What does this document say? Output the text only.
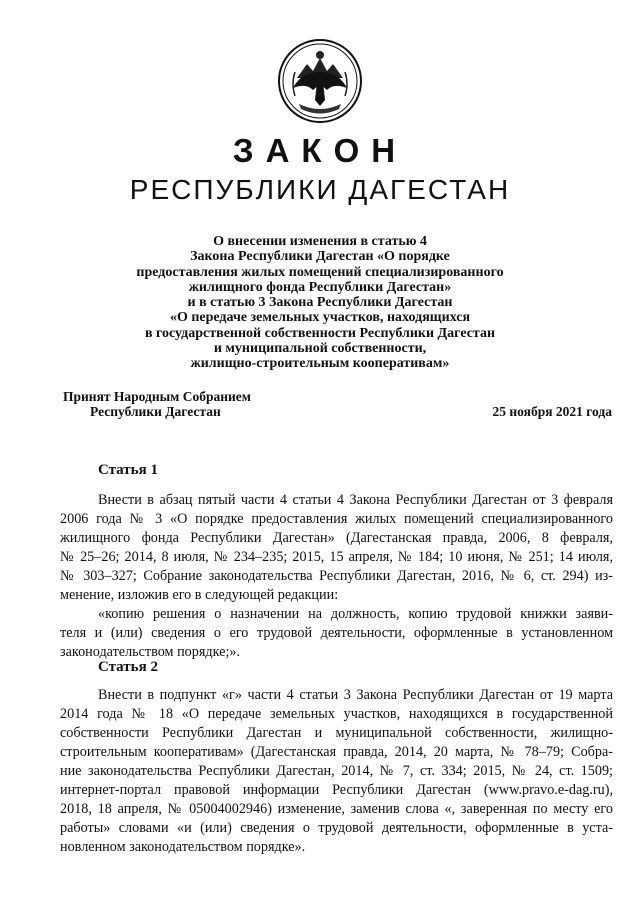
ЗАКОН
РЕСПУБЛИКИ ДАГЕСТАН
О внесении изменения в статью 4
Закона Республики Дагестан «О порядке
предоставления жилых помещений специализированного
жилищного фонда Республики Дагестан»
и в статью 3 Закона Республики Дагестан
«О передаче земельных участков, находящихся
в государственной собственности Республики Дагестан
и муниципальной собственности,
жилищно-строительным кооперативам»
Принят Народным Собранием
Республики Дагестан	25 ноября 2021 года
Статья 1
Внести в абзац пятый части 4 статьи 4 Закона Республики Дагестан от 3 февраля
2006 года № 3 «О порядке предоставления жилых помещений специализированного
жилищного фонда Республики Дагестан» (Дагестанская правда, 2006, 8 февраля,
№ 25–26; 2014, 8 июля, № 234–235; 2015, 15 апреля, № 184; 10 июня, № 251; 14 июля,
№ 303–327; Собрание законодательства Республики Дагестан, 2016, № 6, ст. 294) из-
менение, изложив его в следующей редакции:
«копию решения о назначении на должность, копию трудовой книжки заяви-
теля и (или) сведения о его трудовой деятельности, оформленные в установленном
законодательством порядке;».
Статья 2
Внести в подпункт «г» части 4 статьи 3 Закона Республики Дагестан от 19 марта
2014 года № 18 «О передаче земельных участков, находящихся в государственной
собственности Республики Дагестан и муниципальной собственности, жилищно-
строительным кооперативам» (Дагестанская правда, 2014, 20 марта, № 78–79; Собра-
ние законодательства Республики Дагестан, 2014, № 7, ст. 334; 2015, № 24, ст. 1509;
интернет-портал правовой информации Республики Дагестан (www.pravo.e-dag.ru),
2018, 18 апреля, № 05004002946) изменение, заменив слова «, заверенная по месту его
работы» словами «и (или) сведения о трудовой деятельности, оформленные в уста-
новленном законодательством порядке».
